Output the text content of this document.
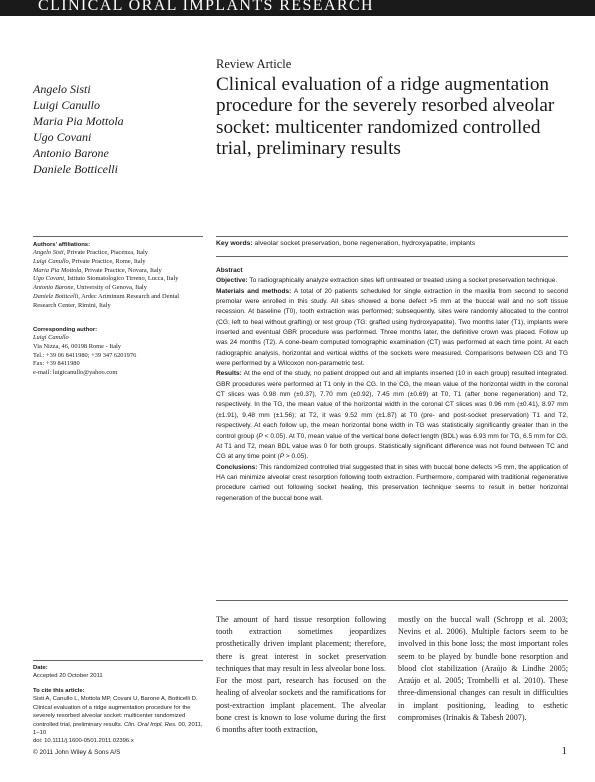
CLINICAL ORAL IMPLANTS RESEARCH
Review Article
Clinical evaluation of a ridge augmentation procedure for the severely resorbed alveolar socket: multicenter randomized controlled trial, preliminary results
Angelo Sisti
Luigi Canullo
Maria Pia Mottola
Ugo Covani
Antonio Barone
Daniele Botticelli
Authors' affiliations:
Angelo Sisti, Private Practice, Piacenza, Italy
Luigi Canullo, Private Practice, Rome, Italy
Maria Pia Mottola, Private Practice, Novara, Italy
Ugo Covani, Istituto Stomatologico Tirreno, Lucca, Italy
Antonio Barone, University of Genova, Italy
Daniele Botticelli, Ardec Ariminum Research and Dental Research Center, Rimini, Italy
Corresponding author:
Luigi Canullo
Via Nizza, 46, 00198 Rome - Italy
Tel.: +39 06 8411980; +39 347 6201976
Fax: +39 8411980
e-mail: luigicanullo@yahoo.com
Date:
Accepted 20 October 2011
To cite this article:
Sisti A, Canullo L, Mottola MP, Covani U, Barone A, Botticelli D. Clinical evaluation of a ridge augmentation procedure for the severely resorbed alveolar socket: multicenter randomized controlled trial, preliminary results. Clin. Oral Impl. Res. 00, 2011, 1–10
doi: 10.1111/j.1600-0501.2011.02396.x
Key words: alveolar socket preservation, bone regeneration, hydroxyapatite, implants

Abstract

Objective: To radiographically analyze extraction sites left untreated or treated using a socket preservation technique.

Materials and methods: A total of 20 patients scheduled for single extraction in the maxilla from second to second premolar were enrolled in this study. All sites showed a bone defect >5 mm at the buccal wall and no soft tissue recession. At baseline (T0), tooth extraction was performed; subsequently, sites were randomly allocated to the control (CG: left to heal without grafting) or test group (TG: grafted using hydroxyapatite). Two months later (T1), implants were inserted and eventual GBR procedure was performed. Three months later, the definitive crown was placed. Follow up was 24 months (T2). A cone-beam computed tomographic examination (CT) was performed at each time point. At each radiographic analysis, horizontal and vertical widths of the sockets were measured. Comparisons between CG and TG were performed by a Wilcoxon non-parametric test.

Results: At the end of the study, no patient dropped out and all implants inserted (10 in each group) resulted integrated. GBR procedures were performed at T1 only in the CG. In the CG, the mean value of the horizontal width in the coronal CT slices was 0.98 mm (±0.37), 7.70 mm (±0.92), 7.45 mm (±0.69) at T0, T1 (after bone regeneration) and T2, respectively. In the TG, the mean value of the horizontal width in the coronal CT slices was 0.96 mm (±0.41), 8.97 mm (±1.91), 9.48 mm (±1.56); at T2, it was 9.52 mm (±1.87) at T0 (pre- and post-socket preservation) T1 and T2, respectively. At each follow up, the mean horizontal bone width in TG was statistically significantly greater than in the control group (P < 0.05). At T0, mean value of the vertical bone defect length (BDL) was 6.93 mm for TG, 6.5 mm for CG. At T1 and T2, mean BDL value was 0 for both groups. Statistically significant difference was not found between TC and CG at any time point (P > 0.05).

Conclusions: This randomized controlled trial suggested that in sites with buccal bone defects >5 mm, the application of HA can minimize alveolar crest resorption following tooth extraction. Furthermore, compared with traditional regenerative procedure carried out following socket healing, this preservation technique seems to result in better horizontal regeneration of the buccal bone wall.

The amount of hard tissue resorption following tooth extraction sometimes jeopardizes prosthetically driven implant placement; therefore, there is great interest in socket preservation techniques that may result in less alveolar bone loss. For the most part, research has focused on the healing of alveolar sockets and the ramifications for post-extraction implant placement. The alveolar bone crest is known to lose volume during the first 6 months after tooth extraction,
mostly on the buccal wall (Schropp et al. 2003; Nevins et al. 2006). Multiple factors seem to be involved in this bone loss; the most important roles seem to be played by bundle bone resorption and blood clot stabilization (Araújo & Lindhe 2005; Araújo et al. 2005; Trombelli et al. 2010). These three-dimensional changes can result in difficulties in implant positioning, leading to esthetic compromises (Irinakis & Tabesh 2007).
© 2011 John Wiley & Sons A/S	1
